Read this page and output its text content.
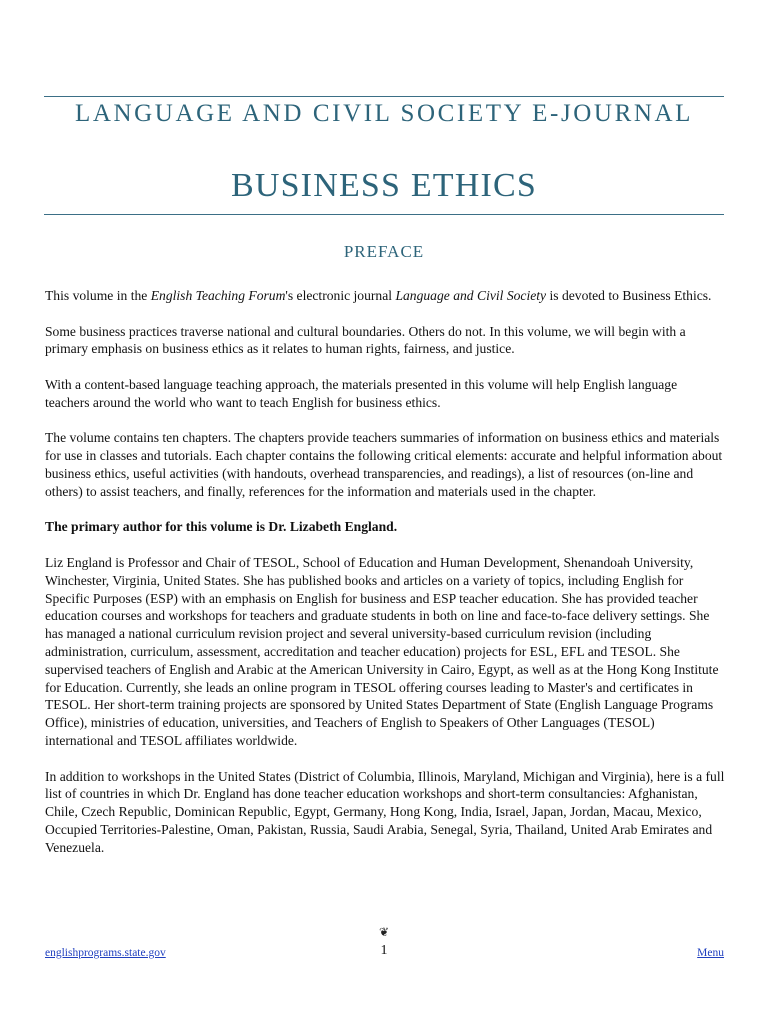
LANGUAGE AND CIVIL SOCIETY E-JOURNAL
BUSINESS ETHICS
PREFACE

This volume in the English Teaching Forum's electronic journal Language and Civil Society is devoted to Business Ethics.

Some business practices traverse national and cultural boundaries. Others do not. In this volume, we will begin with a primary emphasis on business ethics as it relates to human rights, fairness, and justice.

With a content-based language teaching approach, the materials presented in this volume will help English language teachers around the world who want to teach English for business ethics.

The volume contains ten chapters. The chapters provide teachers summaries of information on business ethics and materials for use in classes and tutorials. Each chapter contains the following critical elements: accurate and helpful information about business ethics, useful activities (with handouts, overhead transparencies, and readings), a list of resources (on-line and others) to assist teachers, and finally, references for the information and materials used in the chapter.

The primary author for this volume is Dr. Lizabeth England.

Liz England is Professor and Chair of TESOL, School of Education and Human Development, Shenandoah University, Winchester, Virginia, United States. She has published books and articles on a variety of topics, including English for Specific Purposes (ESP) with an emphasis on English for business and ESP teacher education. She has provided teacher education courses and workshops for teachers and graduate students in both on line and face-to-face delivery settings. She has managed a national curriculum revision project and several university-based curriculum revision (including administration, curriculum, assessment, accreditation and teacher education) projects for ESL, EFL and TESOL. She supervised teachers of English and Arabic at the American University in Cairo, Egypt, as well as at the Hong Kong Institute for Education. Currently, she leads an online program in TESOL offering courses leading to Master's and certificates in TESOL. Her short-term training projects are sponsored by United States Department of State (English Language Programs Office), ministries of education, universities, and Teachers of English to Speakers of Other Languages (TESOL) international and TESOL affiliates worldwide.

In addition to workshops in the United States (District of Columbia, Illinois, Maryland, Michigan and Virginia), here is a full list of countries in which Dr. England has done teacher education workshops and short-term consultancies: Afghanistan, Chile, Czech Republic, Dominican Republic, Egypt, Germany, Hong Kong, India, Israel, Japan, Jordan, Macau, Mexico, Occupied Territories-Palestine, Oman, Pakistan, Russia, Saudi Arabia, Senegal, Syria, Thailand, United Arab Emirates and Venezuela.

❦
1
englishprograms.state.gov	Menu
